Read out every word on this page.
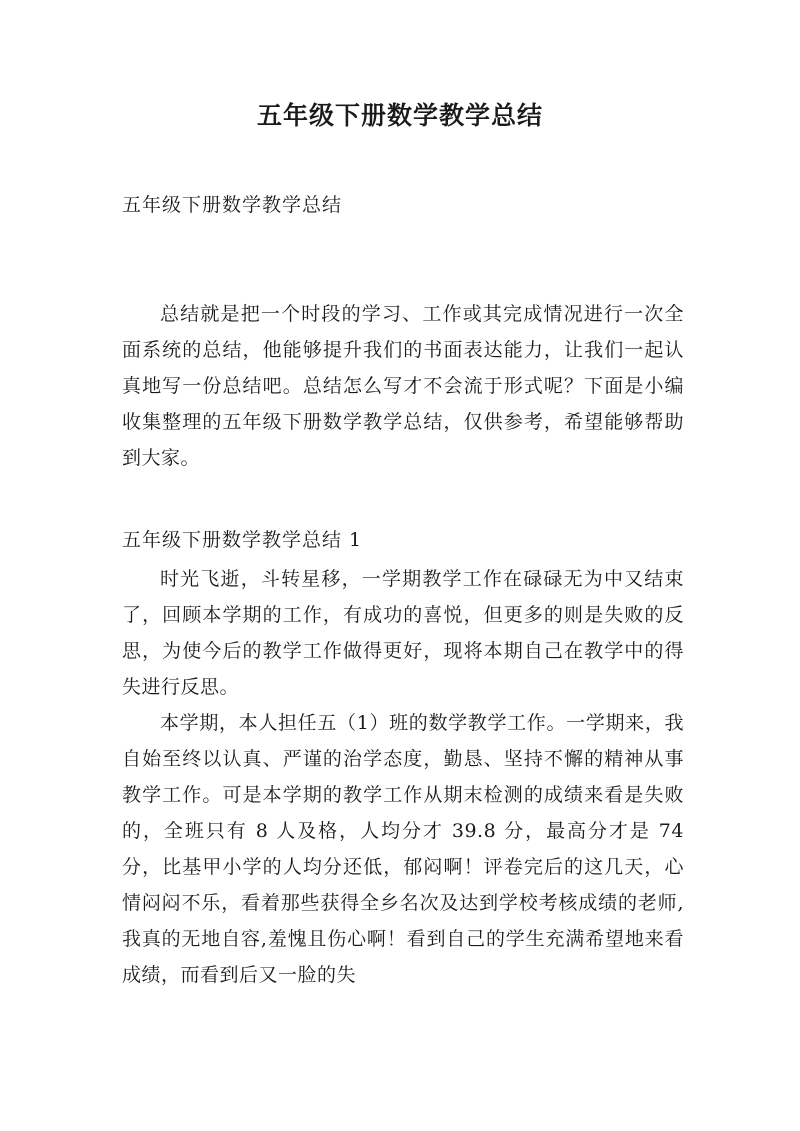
五年级下册数学教学总结
五年级下册数学教学总结

总结就是把一个时段的学习、工作或其完成情况进行一次全面系统的总结，他能够提升我们的书面表达能力，让我们一起认真地写一份总结吧。总结怎么写才不会流于形式呢？下面是小编收集整理的五年级下册数学教学总结，仅供参考，希望能够帮助到大家。

五年级下册数学教学总结 1

时光飞逝，斗转星移，一学期教学工作在碌碌无为中又结束了，回顾本学期的工作，有成功的喜悦，但更多的则是失败的反思，为使今后的教学工作做得更好，现将本期自己在教学中的得失进行反思。

本学期，本人担任五（1）班的数学教学工作。一学期来，我自始至终以认真、严谨的治学态度，勤恳、坚持不懈的精神从事教学工作。可是本学期的教学工作从期末检测的成绩来看是失败的，全班只有 8 人及格，人均分才 39.8 分，最高分才是 74 分，比基甲小学的人均分还低，郁闷啊！评卷完后的这几天，心情闷闷不乐，看着那些获得全乡名次及达到学校考核成绩的老师,我真的无地自容,羞愧且伤心啊！看到自己的学生充满希望地来看成绩，而看到后又一脸的失
